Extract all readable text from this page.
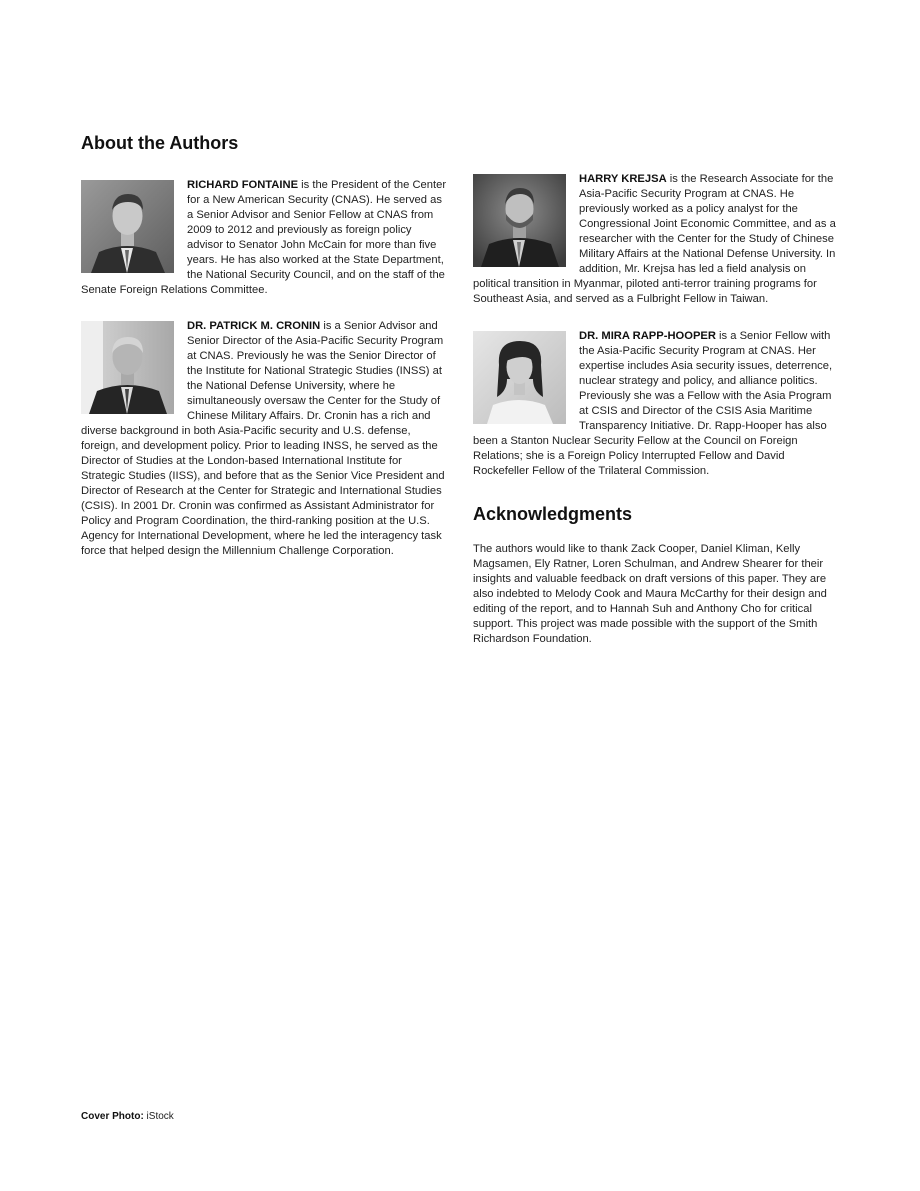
About the Authors

RICHARD FONTAINE is the President of the Center for a New American Security (CNAS). He served as a Senior Advisor and Senior Fellow at CNAS from 2009 to 2012 and previously as foreign policy advisor to Senator John McCain for more than five years. He has also worked at the State Department, the National Security Council, and on the staff of the Senate Foreign Relations Committee.

DR. PATRICK M. CRONIN is a Senior Advisor and Senior Director of the Asia-Pacific Security Program at CNAS. Previously he was the Senior Director of the Institute for National Strategic Studies (INSS) at the National Defense University, where he simultaneously oversaw the Center for the Study of Chinese Military Affairs. Dr. Cronin has a rich and diverse background in both Asia-Pacific security and U.S. defense, foreign, and development policy. Prior to leading INSS, he served as the Director of Studies at the London-based International Institute for Strategic Studies (IISS), and before that as the Senior Vice President and Director of Research at the Center for Strategic and International Studies (CSIS). In 2001 Dr. Cronin was confirmed as Assistant Administrator for Policy and Program Coordination, the third-ranking position at the U.S. Agency for International Development, where he led the interagency task force that helped design the Millennium Challenge Corporation.

HARRY KREJSA is the Research Associate for the Asia-Pacific Security Program at CNAS. He previously worked as a policy analyst for the Congressional Joint Economic Committee, and as a researcher with the Center for the Study of Chinese Military Affairs at the National Defense University. In addition, Mr. Krejsa has led a field analysis on political transition in Myanmar, piloted anti-terror training programs for Southeast Asia, and served as a Fulbright Fellow in Taiwan.

DR. MIRA RAPP-HOOPER is a Senior Fellow with the Asia-Pacific Security Program at CNAS. Her expertise includes Asia security issues, deterrence, nuclear strategy and policy, and alliance politics. Previously she was a Fellow with the Asia Program at CSIS and Director of the CSIS Asia Maritime Transparency Initiative. Dr. Rapp-Hooper has also been a Stanton Nuclear Security Fellow at the Council on Foreign Relations; she is a Foreign Policy Interrupted Fellow and David Rockefeller Fellow of the Trilateral Commission.

Acknowledgments

The authors would like to thank Zack Cooper, Daniel Kliman, Kelly Magsamen, Ely Ratner, Loren Schulman, and Andrew Shearer for their insights and valuable feedback on draft versions of this paper. They are also indebted to Melody Cook and Maura McCarthy for their design and editing of the report, and to Hannah Suh and Anthony Cho for critical support. This project was made possible with the support of the Smith Richardson Foundation.

Cover Photo: iStock
